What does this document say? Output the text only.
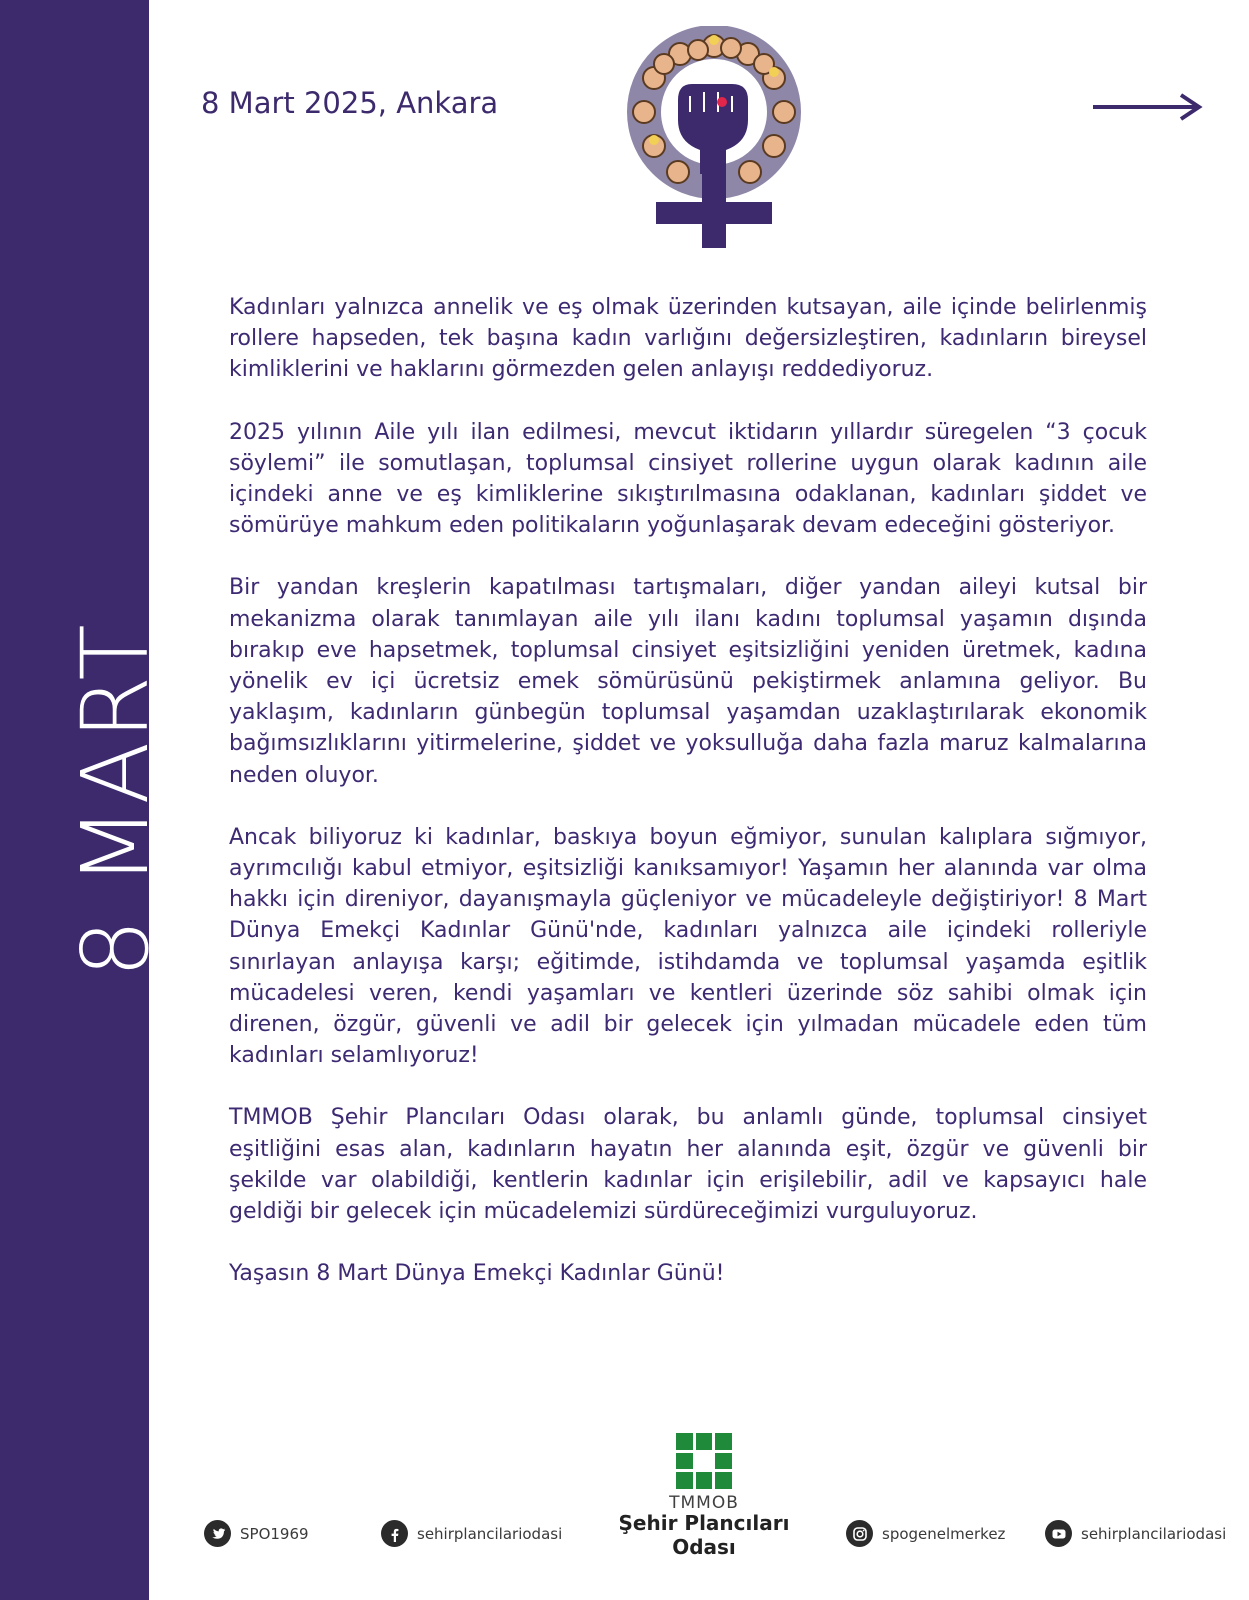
8 MART
8 Mart 2025, Ankara

Kadınları yalnızca annelik ve eş olmak üzerinden kutsayan, aile içinde belirlenmiş rollere hapseden, tek başına kadın varlığını değersizleştiren, kadınların bireysel kimliklerini ve haklarını görmezden gelen anlayışı reddediyoruz.

2025 yılının Aile yılı ilan edilmesi, mevcut iktidarın yıllardır süregelen “3 çocuk söylemi” ile somutlaşan, toplumsal cinsiyet rollerine uygun olarak kadının aile içindeki anne ve eş kimliklerine sıkıştırılmasına odaklanan, kadınları şiddet ve sömürüye mahkum eden politikaların yoğunlaşarak devam edeceğini gösteriyor.

Bir yandan kreşlerin kapatılması tartışmaları, diğer yandan aileyi kutsal bir mekanizma olarak tanımlayan aile yılı ilanı kadını toplumsal yaşamın dışında bırakıp eve hapsetmek, toplumsal cinsiyet eşitsizliğini yeniden üretmek, kadına yönelik ev içi ücretsiz emek sömürüsünü pekiştirmek anlamına geliyor. Bu yaklaşım, kadınların günbegün toplumsal yaşamdan uzaklaştırılarak ekonomik bağımsızlıklarını yitirmelerine, şiddet ve yoksulluğa daha fazla maruz kalmalarına neden oluyor.

Ancak biliyoruz ki kadınlar, baskıya boyun eğmiyor, sunulan kalıplara sığmıyor, ayrımcılığı kabul etmiyor, eşitsizliği kanıksamıyor! Yaşamın her alanında var olma hakkı için direniyor, dayanışmayla güçleniyor ve mücadeleyle değiştiriyor! 8 Mart Dünya Emekçi Kadınlar Günü'nde, kadınları yalnızca aile içindeki rolleriyle sınırlayan anlayışa karşı; eğitimde, istihdamda ve toplumsal yaşamda eşitlik mücadelesi veren, kendi yaşamları ve kentleri üzerinde söz sahibi olmak için direnen, özgür, güvenli ve adil bir gelecek için yılmadan mücadele eden tüm kadınları selamlıyoruz!

TMMOB Şehir Plancıları Odası olarak, bu anlamlı günde, toplumsal cinsiyet eşitliğini esas alan, kadınların hayatın her alanında eşit, özgür ve güvenli bir şekilde var olabildiği, kentlerin kadınlar için erişilebilir, adil ve kapsayıcı hale geldiği bir gelecek için mücadelemizi sürdüreceğimizi vurguluyoruz.

Yaşasın 8 Mart Dünya Emekçi Kadınlar Günü!

TMMOB
Şehir Plancıları Odası
SPO1969	sehirplancilariodasi	spogenelmerkez	sehirplancilariodasi
